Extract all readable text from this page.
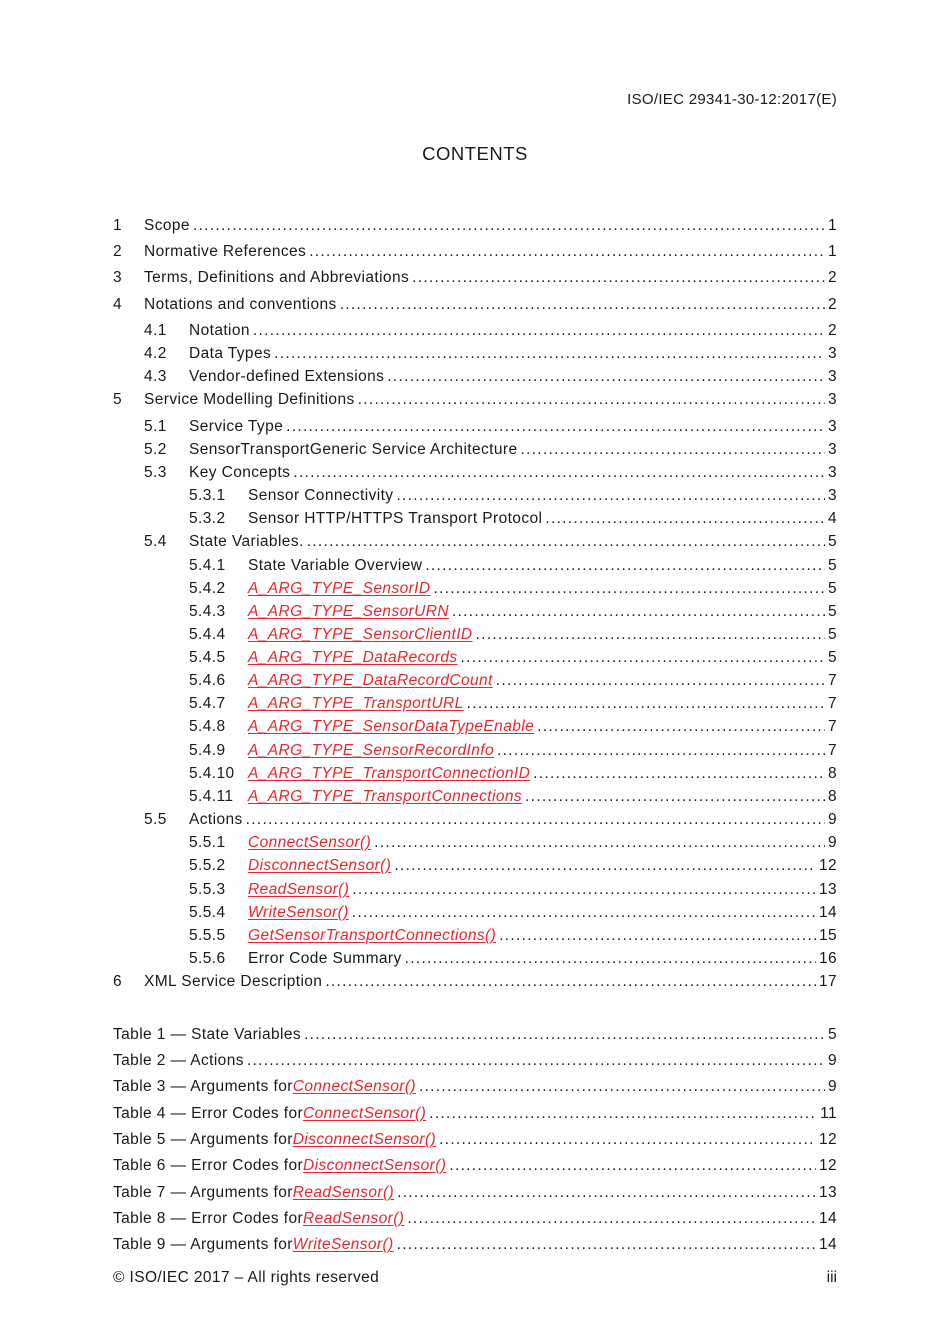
ISO/IEC 29341-30-12:2017(E)
CONTENTS
1	Scope .....	1
2	Normative References .....	1
3	Terms, Definitions and Abbreviations .....	2
4	Notations and conventions .....	2
4.1	Notation .....	2
4.2	Data Types .....	3
4.3	Vendor-defined Extensions .....	3
5	Service Modelling Definitions .....	3
5.1	Service Type .....	3
5.2	SensorTransportGeneric Service Architecture .....	3
5.3	Key Concepts .....	3
5.3.1	Sensor Connectivity .....	3
5.3.2	Sensor HTTP/HTTPS Transport Protocol .....	4
5.4	State Variables. .....	5
5.4.1	State Variable Overview .....	5
5.4.2	A_ARG_TYPE_SensorID .....	5
5.4.3	A_ARG_TYPE_SensorURN .....	5
5.4.4	A_ARG_TYPE_SensorClientID .....	5
5.4.5	A_ARG_TYPE_DataRecords .....	5
5.4.6	A_ARG_TYPE_DataRecordCount .....	7
5.4.7	A_ARG_TYPE_TransportURL .....	7
5.4.8	A_ARG_TYPE_SensorDataTypeEnable .....	7
5.4.9	A_ARG_TYPE_SensorRecordInfo .....	7
5.4.10 A_ARG_TYPE_TransportConnectionID .....	8
5.4.11 A_ARG_TYPE_TransportConnections .....	8
5.5	Actions .....	9
5.5.1	ConnectSensor() .....	9
5.5.2	DisconnectSensor() .....	12
5.5.3	ReadSensor() .....	13
5.5.4	WriteSensor() .....	14
5.5.5	GetSensorTransportConnections() .....	15
5.5.6	Error Code Summary .....	16
6	XML Service Description .....	17
Table 1 — State Variables .....	5
Table 2 — Actions .....	9
Table 3 — Arguments for ConnectSensor() .....	9
Table 4 — Error Codes for ConnectSensor() .....	11
Table 5 — Arguments for DisconnectSensor() .....	12
Table 6 — Error Codes for DisconnectSensor() .....	12
Table 7 — Arguments for ReadSensor() .....	13
Table 8 — Error Codes for ReadSensor() .....	14
Table 9 — Arguments for WriteSensor() .....	14
© ISO/IEC 2017 – All rights reserved	iii
